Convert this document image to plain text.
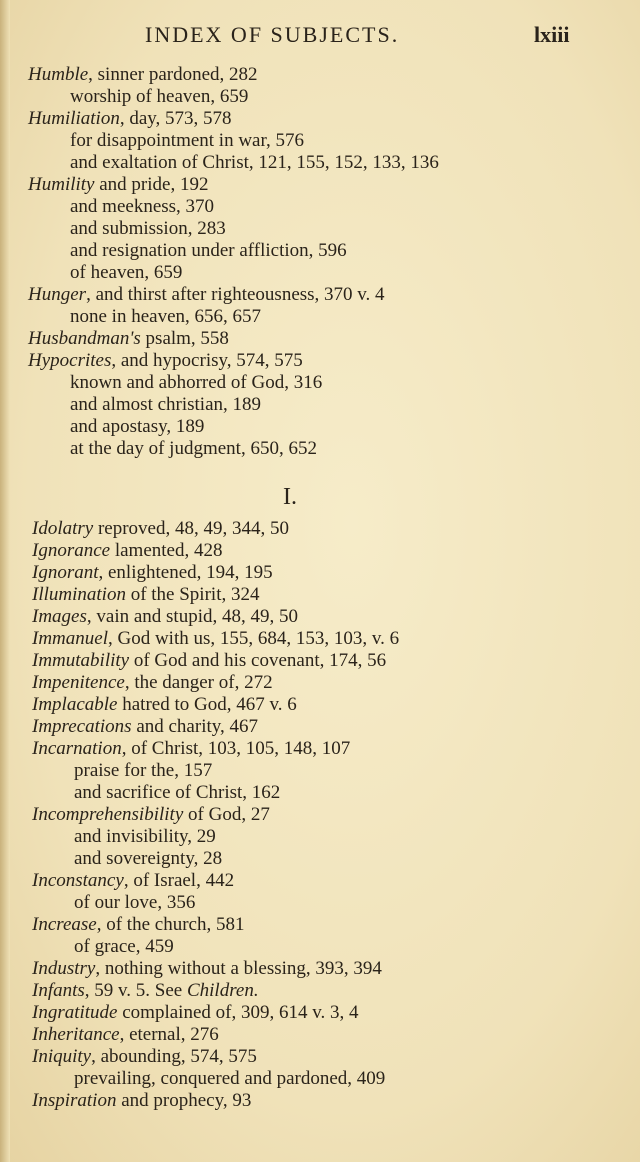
INDEX OF SUBJECTS.	lxiii
Humble, sinner pardoned, 282
worship of heaven, 659
Humiliation, day, 573, 578
for disappointment in war, 576
and exaltation of Christ, 121, 155, 152, 133, 136
Humility and pride, 192
and meekness, 370
and submission, 283
and resignation under affliction, 596
of heaven, 659
Hunger, and thirst after righteousness, 370 v. 4
none in heaven, 656, 657
Husbandman's psalm, 558
Hypocrites, and hypocrisy, 574, 575
known and abhorred of God, 316
and almost christian, 189
and apostasy, 189
at the day of judgment, 650, 652
I.
Idolatry reproved, 48, 49, 344, 50
Ignorance lamented, 428
Ignorant, enlightened, 194, 195
Illumination of the Spirit, 324
Images, vain and stupid, 48, 49, 50
Immanuel, God with us, 155, 684, 153, 103, v. 6
Immutability of God and his covenant, 174, 56
Impenitence, the danger of, 272
Implacable hatred to God, 467 v. 6
Imprecations and charity, 467
Incarnation, of Christ, 103, 105, 148, 107
praise for the, 157
and sacrifice of Christ, 162
Incomprehensibility of God, 27
and invisibility, 29
and sovereignty, 28
Inconstancy, of Israel, 442
of our love, 356
Increase, of the church, 581
of grace, 459
Industry, nothing without a blessing, 393, 394
Infants, 59 v. 5. See Children.
Ingratitude complained of, 309, 614 v. 3, 4
Inheritance, eternal, 276
Iniquity, abounding, 574, 575
prevailing, conquered and pardoned, 409
Inspiration and prophecy, 93
